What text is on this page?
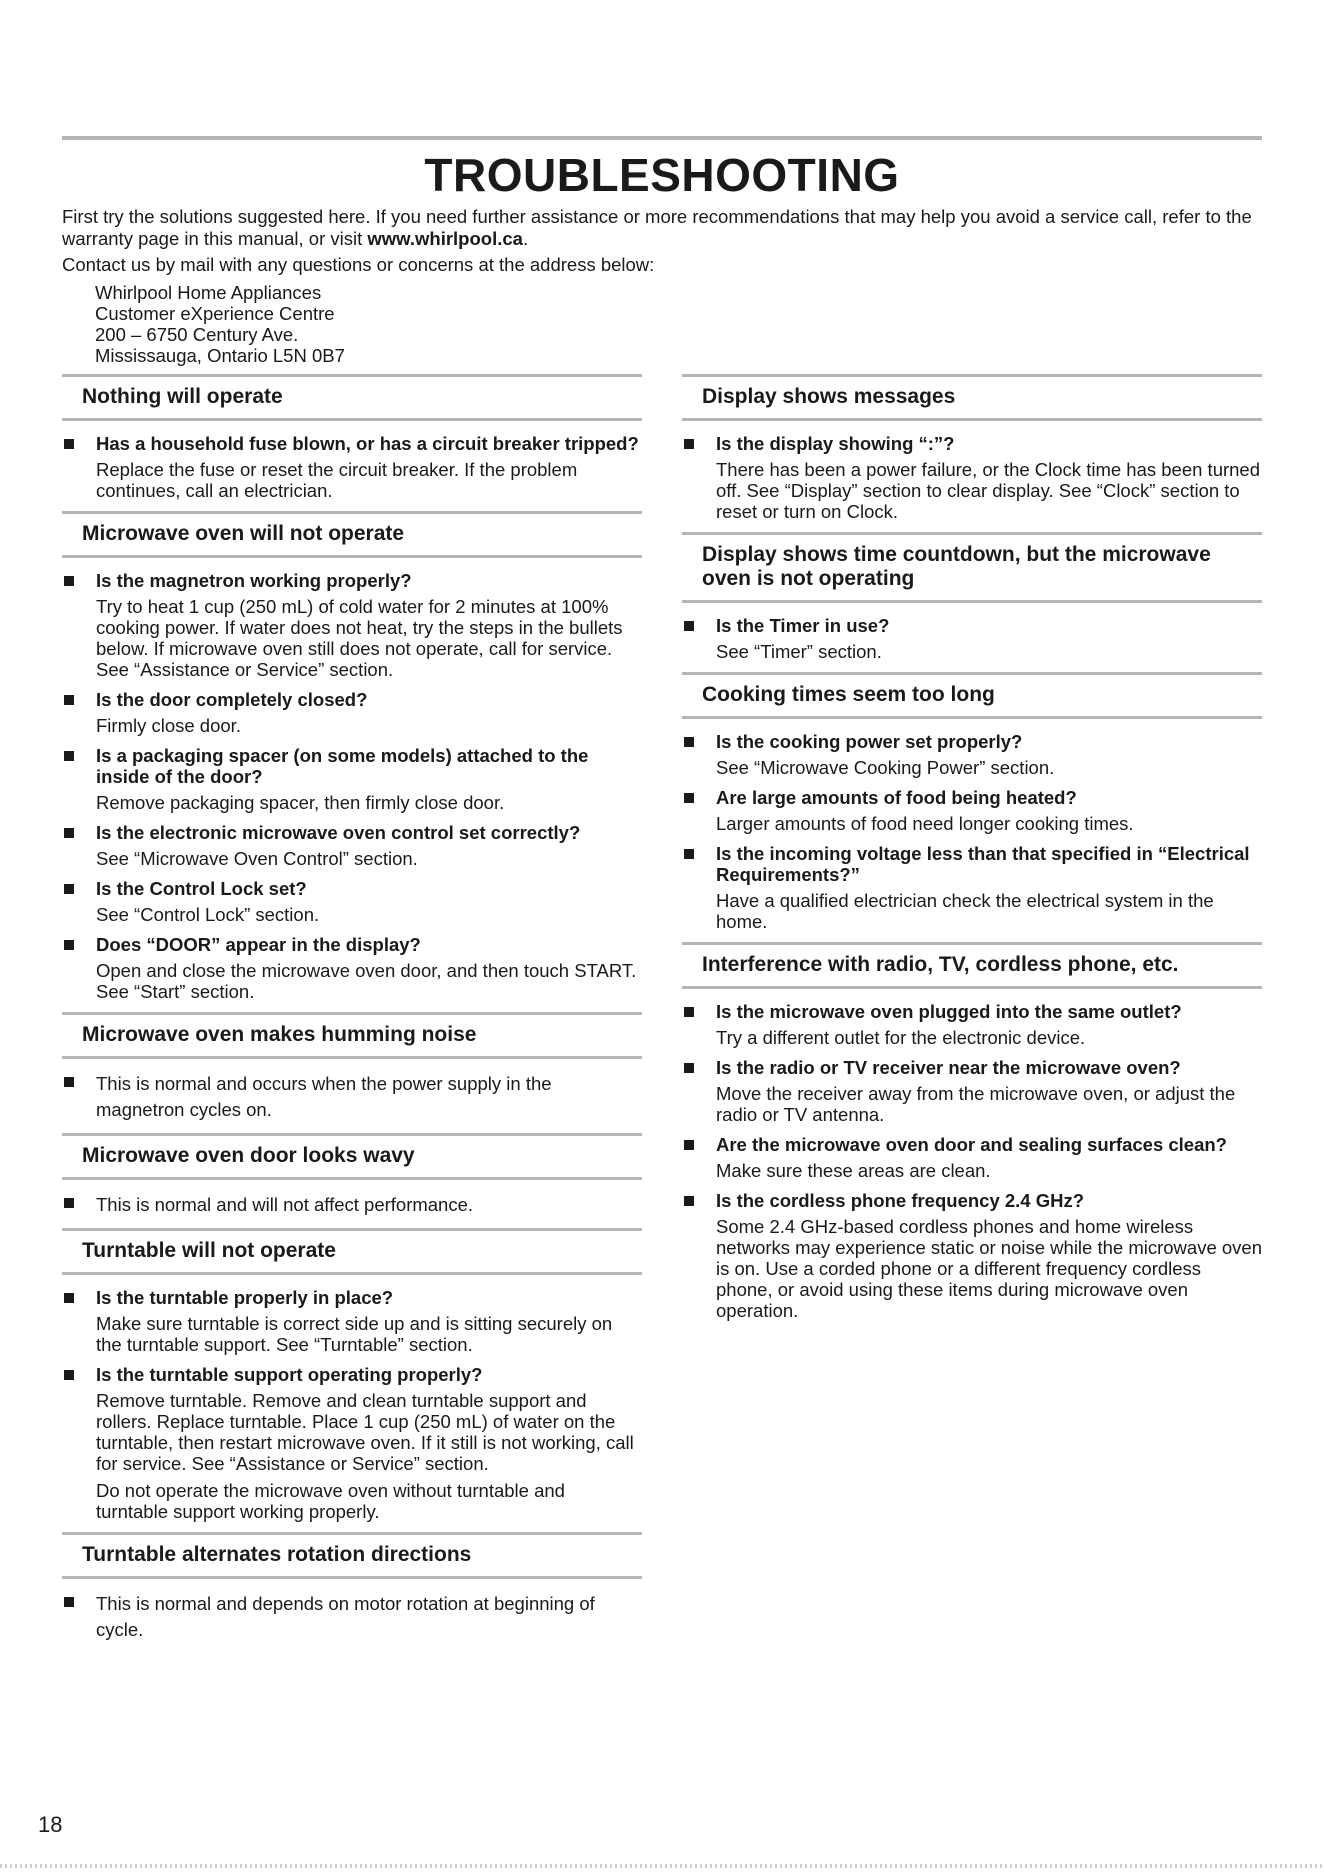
TROUBLESHOOTING

First try the solutions suggested here. If you need further assistance or more recommendations that may help you avoid a service call, refer to the warranty page in this manual, or visit www.whirlpool.ca.

Contact us by mail with any questions or concerns at the address below:

Whirlpool Home Appliances
Customer eXperience Centre
200 – 6750 Century Ave.
Mississauga, Ontario L5N 0B7
Nothing will operate
Has a household fuse blown, or has a circuit breaker tripped?
Replace the fuse or reset the circuit breaker. If the problem continues, call an electrician.
Microwave oven will not operate
Is the magnetron working properly?
Try to heat 1 cup (250 mL) of cold water for 2 minutes at 100% cooking power. If water does not heat, try the steps in the bullets below. If microwave oven still does not operate, call for service. See “Assistance or Service” section.
Is the door completely closed?
Firmly close door.
Is a packaging spacer (on some models) attached to the inside of the door?
Remove packaging spacer, then firmly close door.
Is the electronic microwave oven control set correctly?
See “Microwave Oven Control” section.
Is the Control Lock set?
See “Control Lock” section.
Does “DOOR” appear in the display?
Open and close the microwave oven door, and then touch START. See “Start” section.
Microwave oven makes humming noise
This is normal and occurs when the power supply in the magnetron cycles on.
Microwave oven door looks wavy
This is normal and will not affect performance.
Turntable will not operate
Is the turntable properly in place?
Make sure turntable is correct side up and is sitting securely on the turntable support. See “Turntable” section.
Is the turntable support operating properly?
Remove turntable. Remove and clean turntable support and rollers. Replace turntable. Place 1 cup (250 mL) of water on the turntable, then restart microwave oven. If it still is not working, call for service. See “Assistance or Service” section.
Do not operate the microwave oven without turntable and turntable support working properly.
Turntable alternates rotation directions
This is normal and depends on motor rotation at beginning of cycle.
Display shows messages
Is the display showing “:”?
There has been a power failure, or the Clock time has been turned off. See “Display” section to clear display. See “Clock” section to reset or turn on Clock.
Display shows time countdown, but the microwave oven is not operating
Is the Timer in use?
See “Timer” section.
Cooking times seem too long
Is the cooking power set properly?
See “Microwave Cooking Power” section.
Are large amounts of food being heated?
Larger amounts of food need longer cooking times.
Is the incoming voltage less than that specified in “Electrical Requirements?”
Have a qualified electrician check the electrical system in the home.
Interference with radio, TV, cordless phone, etc.
Is the microwave oven plugged into the same outlet?
Try a different outlet for the electronic device.
Is the radio or TV receiver near the microwave oven?
Move the receiver away from the microwave oven, or adjust the radio or TV antenna.
Are the microwave oven door and sealing surfaces clean?
Make sure these areas are clean.
Is the cordless phone frequency 2.4 GHz?
Some 2.4 GHz-based cordless phones and home wireless networks may experience static or noise while the microwave oven is on. Use a corded phone or a different frequency cordless phone, or avoid using these items during microwave oven operation.
18
